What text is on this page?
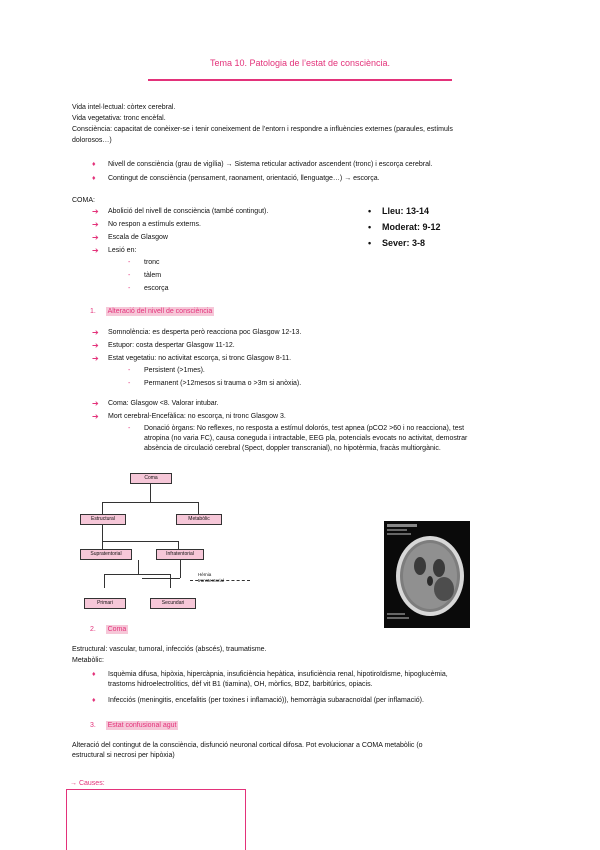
Tema 10. Patologia de l’estat de consciència.
Vida intel·lectual: còrtex cerebral.
Vida vegetativa: tronc encèfal.
Consciència: capacitat de conèixer-se i tenir coneixement de l’entorn i respondre a influències externes (paraules, estímuls
dolorosos…)
♦	Nivell de consciència (grau de vigília) → Sistema reticular activador ascendent (tronc) i escorça cerebral.
♦	Contingut de consciència (pensament, raonament, orientació, llenguatge…) → escorça.
COMA:
➔	Abolició del nivell de consciència (també contingut).
➔	No respon a estímuls externs.
➔	Escala de Glasgow
➔	Lesió en:
-	tronc
-	tàlem
-	escorça
•	Lleu: 13-14
•	Moderat: 9-12
•	Sever: 3-8
1. Alteració del nivell de consciència
➔	Somnolència: es desperta però reacciona poc Glasgow 12-13.
➔	Estupor: costa despertar Glasgow 11-12.
➔	Estat vegetatiu: no activitat escorça, si tronc Glasgow 8-11.
-	Persistent (>1mes).
-	Permanent (>12mesos si trauma o >3m si anòxia).
➔	Coma: Glasgow <8. Valorar intubar.
➔	Mort cerebral-Encefàlica: no escorça, ni tronc Glasgow 3.
-	Donació òrgans: No reflexes, no resposta a estímul dolorós, test apnea (pCO2 >60 i no reacciona), test
atropina (no varia FC), causa coneguda i intractable, EEG pla, potencials evocats no activitat, demostrar
absència de circulació cerebral (Spect, doppler transcranial), no hipotèrmia, fracàs multiorgànic.
Coma
Estructural	Metabòlic
Supratentorial	Infratentorial
Hèrnia
transtentorial
Primari	Secundari
2. Coma
Estructural: vascular, tumoral, infecciós (abscés), traumatisme.
Metabòlic:
♦	Isquèmia difusa, hipòxia, hipercàpnia, insuficiència hepàtica, insuficiència renal, hipotiroïdisme, hipoglucèmia,
trastorns hidroelectrolítics, dèf vit B1 (tiamina), OH, mòrfics, BDZ, barbitúrics, opiacis.
♦	Infecciós (meningitis, encefalitis (per toxines i inflamació)), hemorràgia subaracnoïdal (per inflamació).
3. Estat confusional agut
Alteració del contingut de la consciència, disfunció neuronal cortical difosa. Pot evolucionar a COMA metabòlic (o
estructural si necrosi per hipòxia)
→ Causes:
